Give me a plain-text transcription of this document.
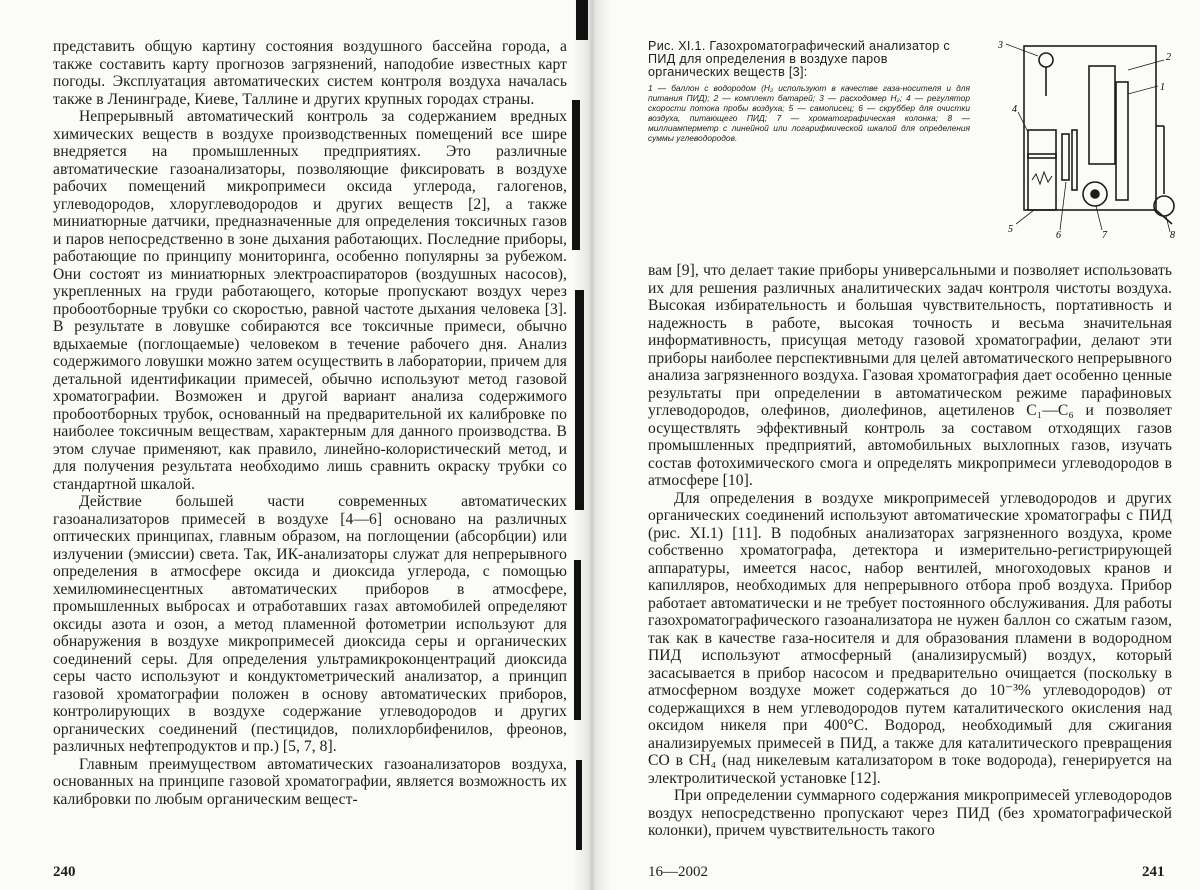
представить общую картину состояния воздушного бассейна города, а также составить карту прогнозов загрязнений, наподобие известных карт погоды. Эксплуатация автоматических систем контроля воздуха началась также в Ленинграде, Киеве, Таллине и других крупных городах страны.

Непрерывный автоматический контроль за содержанием вредных химических веществ в воздухе производственных помещений все шире внедряется на промышленных предприятиях. Это различные автоматические газоанализаторы, позволяющие фиксировать в воздухе рабочих помещений микропримеси оксида углерода, галогенов, углеводородов, хлоруглеводородов и других веществ [2], а также миниатюрные датчики, предназначенные для определения токсичных газов и паров непосредственно в зоне дыхания работающих. Последние приборы, работающие по принципу мониторинга, особенно популярны за рубежом. Они состоят из миниатюрных электроаспираторов (воздушных насосов), укрепленных на груди работающего, которые пропускают воздух через пробоотборные трубки со скоростью, равной частоте дыхания человека [3]. В результате в ловушке собираются все токсичные примеси, обычно вдыхаемые (поглощаемые) человеком в течение рабочего дня. Анализ содержимого ловушки можно затем осуществить в лаборатории, причем для детальной идентификации примесей, обычно используют метод газовой хроматографии. Возможен и другой вариант анализа содержимого пробоотборных трубок, основанный на предварительной их калибровке по наиболее токсичным веществам, характерным для данного производства. В этом случае применяют, как правило, линейно-колористический метод, и для получения результата необходимо лишь сравнить окраску трубки со стандартной шкалой.

Действие большей части современных автоматических газоанализаторов примесей в воздухе [4—6] основано на различных оптических принципах, главным образом, на поглощении (абсорбции) или излучении (эмиссии) света. Так, ИК-анализаторы служат для непрерывного определения в атмосфере оксида и диоксида углерода, с помощью хемилюминесцентных автоматических приборов в атмосфере, промышленных выбросах и отработавших газах автомобилей определяют оксиды азота и озон, а метод пламенной фотометрии используют для обнаружения в воздухе микропримесей диоксида серы и органических соединений серы. Для определения ультрамикроконцентраций диоксида серы часто используют и кондуктометрический анализатор, а принцип газовой хроматографии положен в основу автоматических приборов, контролирующих в воздухе содержание углеводородов и других органических соединений (пестицидов, полихлорбифенилов, фреонов, различных нефтепродуктов и пр.) [5, 7, 8].

Главным преимуществом автоматических газоанализаторов воздуха, основанных на принципе газовой хроматографии, является возможность их калибровки по любым органическим вещест-

240
Рис. XI.1. Газохроматографический анализатор с ПИД для определения в воздухе паров органических веществ [3]:
1 — баллон с водородом (H₂ используют в качестве газа-носителя и для питания ПИД); 2 — комплект батарей; 3 — расходомер H₂; 4 — регулятор скорости потока пробы воздуха; 5 — самописец; 6 — скруббер для очистки воздуха, питающего ПИД; 7 — хроматографическая колонка; 8 — миллиамперметр с линейной или логарифмической шкалой для определения суммы углеводородов.
3
2
1
4
5
6	7	8

вам [9], что делает такие приборы универсальными и позволяет использовать их для решения различных аналитических задач контроля чистоты воздуха. Высокая избирательность и большая чувствительность, портативность и надежность в работе, высокая точность и весьма значительная информативность, присущая методу газовой хроматографии, делают эти приборы наиболее перспективными для целей автоматического непрерывного анализа загрязненного воздуха. Газовая хроматография дает особенно ценные результаты при определении в автоматическом режиме парафиновых углеводородов, олефинов, диолефинов, ацетиленов C₁—C₆ и позволяет осуществлять эффективный контроль за составом отходящих газов промышленных предприятий, автомобильных выхлопных газов, изучать состав фотохимического смога и определять микропримеси углеводородов в атмосфере [10].

Для определения в воздухе микропримесей углеводородов и других органических соединений используют автоматические хроматографы с ПИД (рис. XI.1) [11]. В подобных анализаторах загрязненного воздуха, кроме собственно хроматографа, детектора и измерительно-регистрирующей аппаратуры, имеется насос, набор вентилей, многоходовых кранов и капилляров, необходимых для непрерывного отбора проб воздуха. Прибор работает автоматически и не требует постоянного обслуживания. Для работы газохроматографического газоанализатора не нужен баллон со сжатым газом, так как в качестве газа-носителя и для образования пламени в водородном ПИД используют атмосферный (анализирусмый) воздух, который засасывается в прибор насосом и предварительно очищается (поскольку в атмосферном воздухе может содержаться до 10⁻³% углеводородов) от содержащихся в нем углеводородов путем каталитического окисления над оксидом никеля при 400°C. Водород, необходимый для сжигания анализируемых примесей в ПИД, а также для каталитического превращения CO в CH₄ (над никелевым катализатором в токе водорода), генерируется на электролитической установке [12].

При определении суммарного содержания микропримесей углеводородов воздух непосредственно пропускают через ПИД (без хроматографической колонки), причем чувствительность такого

16—2002	241
